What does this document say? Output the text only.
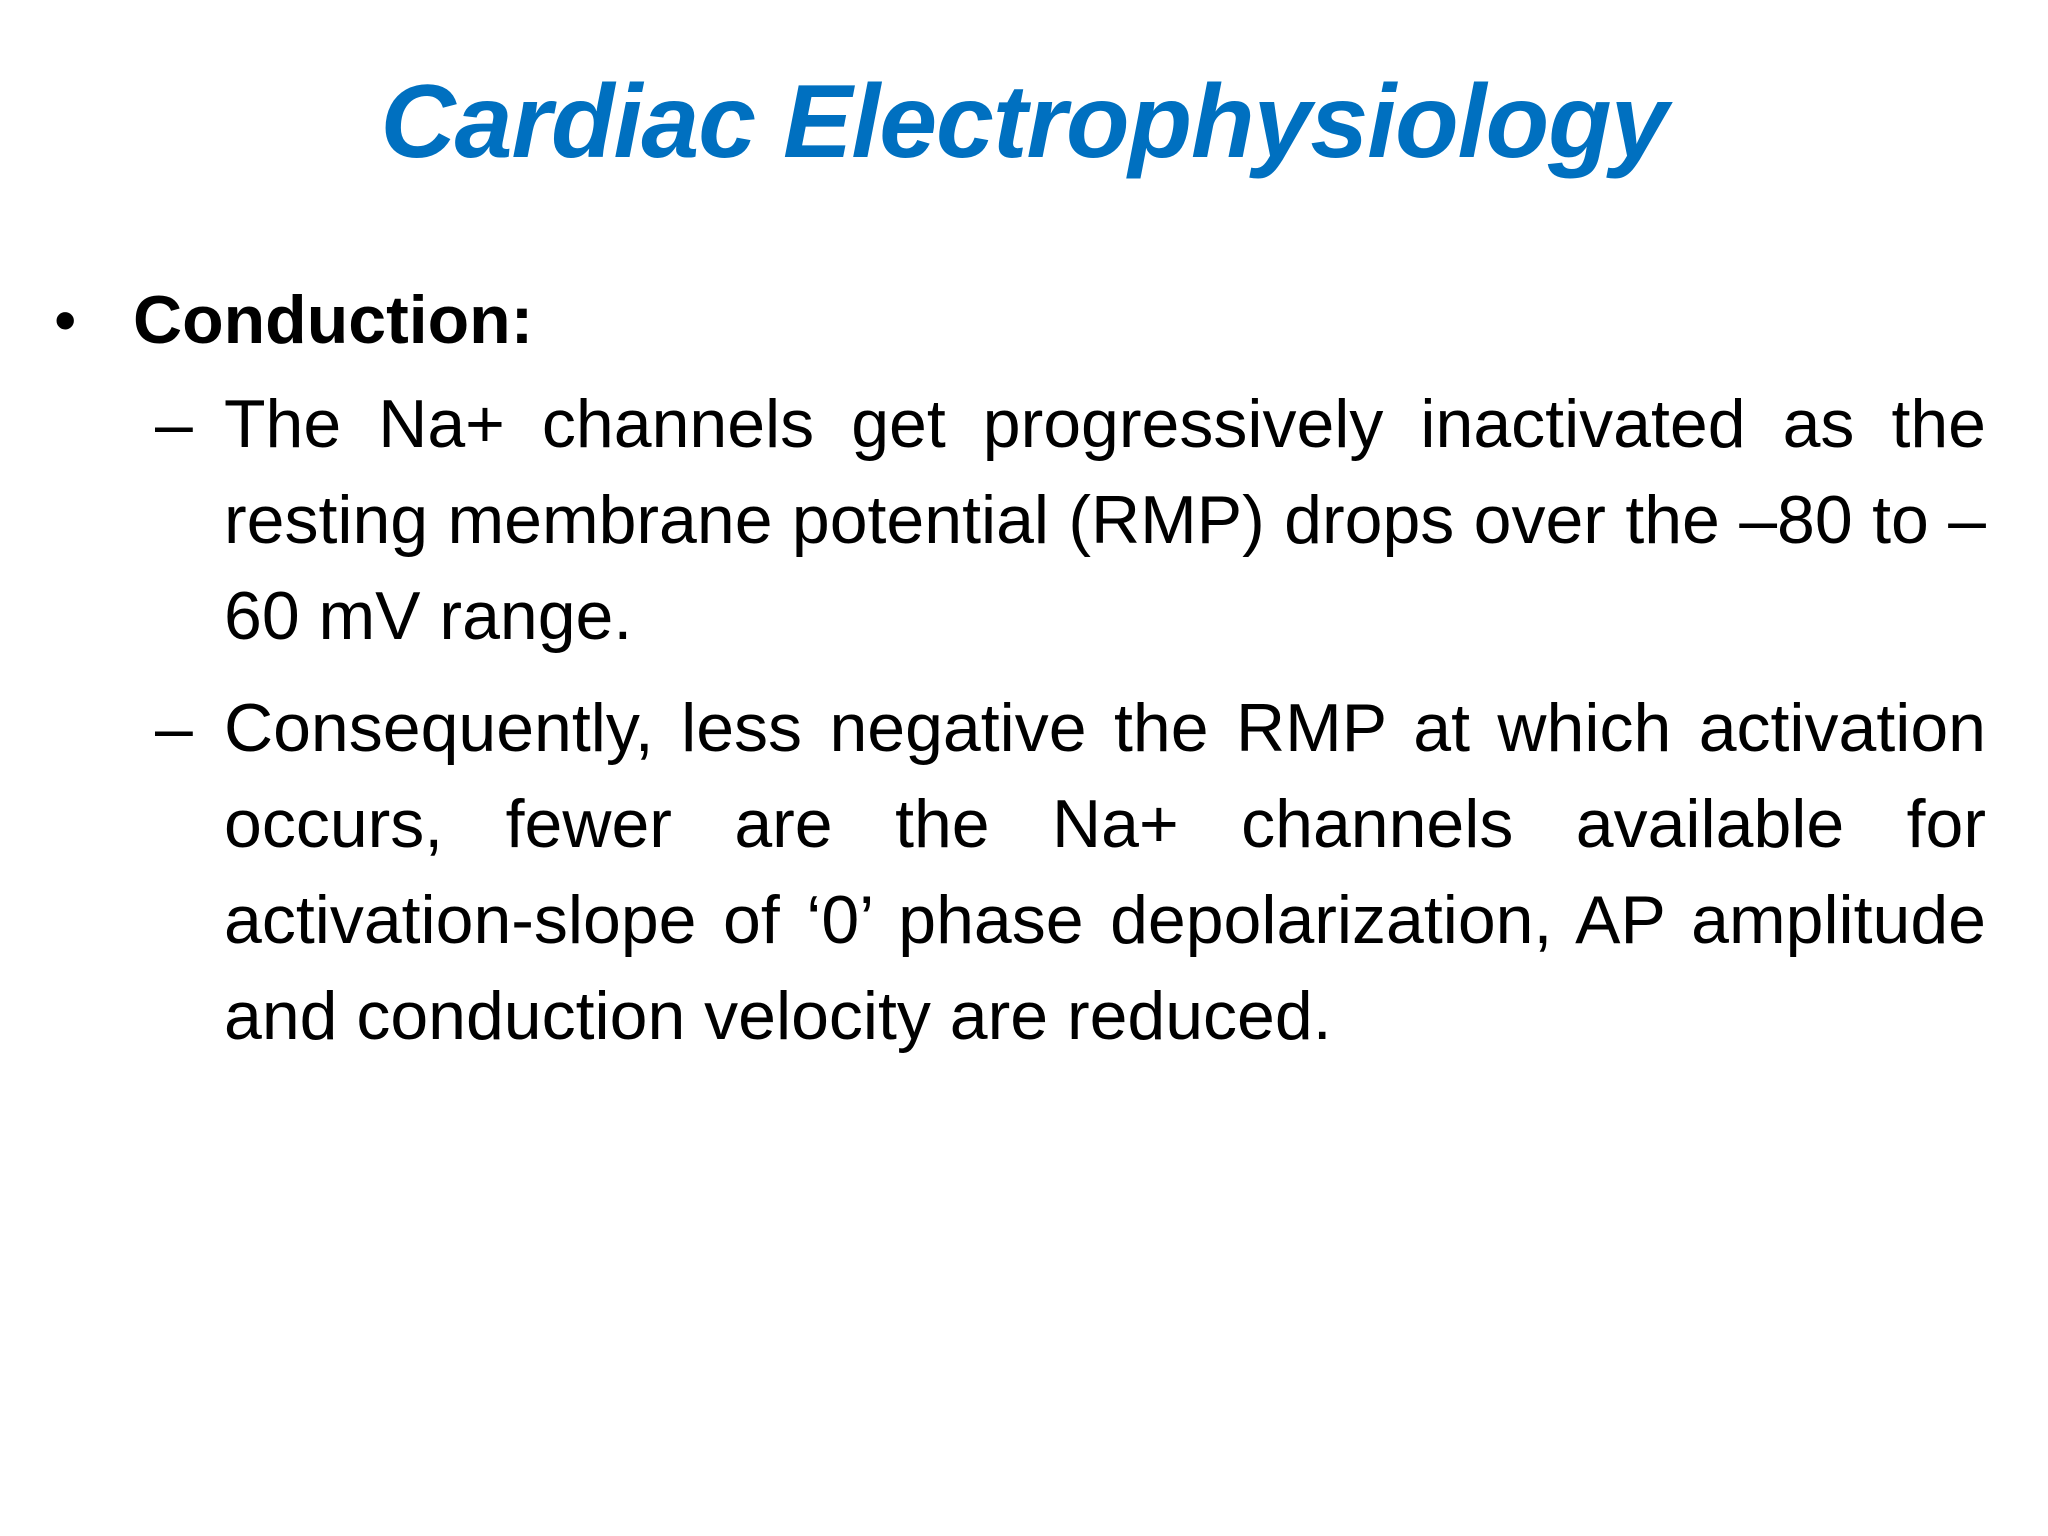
Cardiac Electrophysiology
• Conduction:
– The Na+ channels get progressively inactivated as the resting membrane potential (RMP) drops over the –80 to –60 mV range.

– Consequently, less negative the RMP at which activation occurs, fewer are the Na+ channels available for activation-slope of ‘0’ phase depolarization, AP amplitude and conduction velocity are reduced.
